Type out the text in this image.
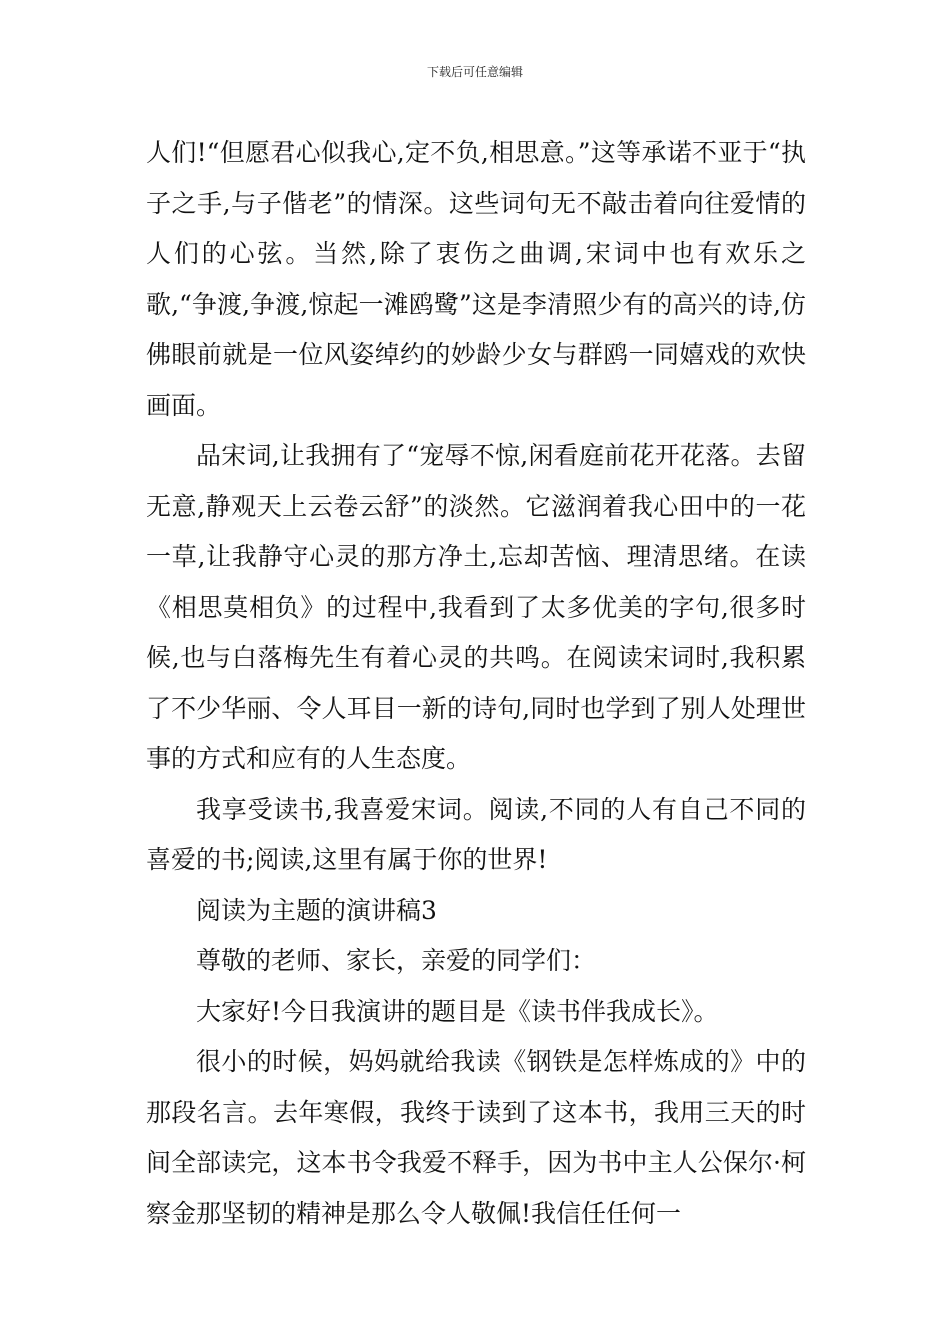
下载后可任意编辑

人们!“但愿君心似我心,定不负,相思意。”这等承诺不亚于“执子之手,与子偕老”的情深。这些词句无不敲击着向往爱情的人们的心弦。当然,除了衷伤之曲调,宋词中也有欢乐之歌,“争渡,争渡,惊起一滩鸥鹭”这是李清照少有的高兴的诗,仿佛眼前就是一位风姿绰约的妙龄少女与群鸥一同嬉戏的欢快画面。

品宋词,让我拥有了“宠辱不惊,闲看庭前花开花落。去留无意,静观天上云卷云舒”的淡然。它滋润着我心田中的一花一草,让我静守心灵的那方净土,忘却苦恼、理清思绪。在读《相思莫相负》的过程中,我看到了太多优美的字句,很多时候,也与白落梅先生有着心灵的共鸣。在阅读宋词时,我积累了不少华丽、令人耳目一新的诗句,同时也学到了别人处理世事的方式和应有的人生态度。

我享受读书,我喜爱宋词。阅读,不同的人有自己不同的喜爱的书;阅读,这里有属于你的世界!

阅读为主题的演讲稿3

尊敬的老师、家长，亲爱的同学们：

大家好!今日我演讲的题目是《读书伴我成长》。

很小的时候，妈妈就给我读《钢铁是怎样炼成的》中的那段名言。去年寒假，我终于读到了这本书，我用三天的时间全部读完，这本书令我爱不释手，因为书中主人公保尔·柯察金那坚韧的精神是那么令人敬佩!我信任任何一
